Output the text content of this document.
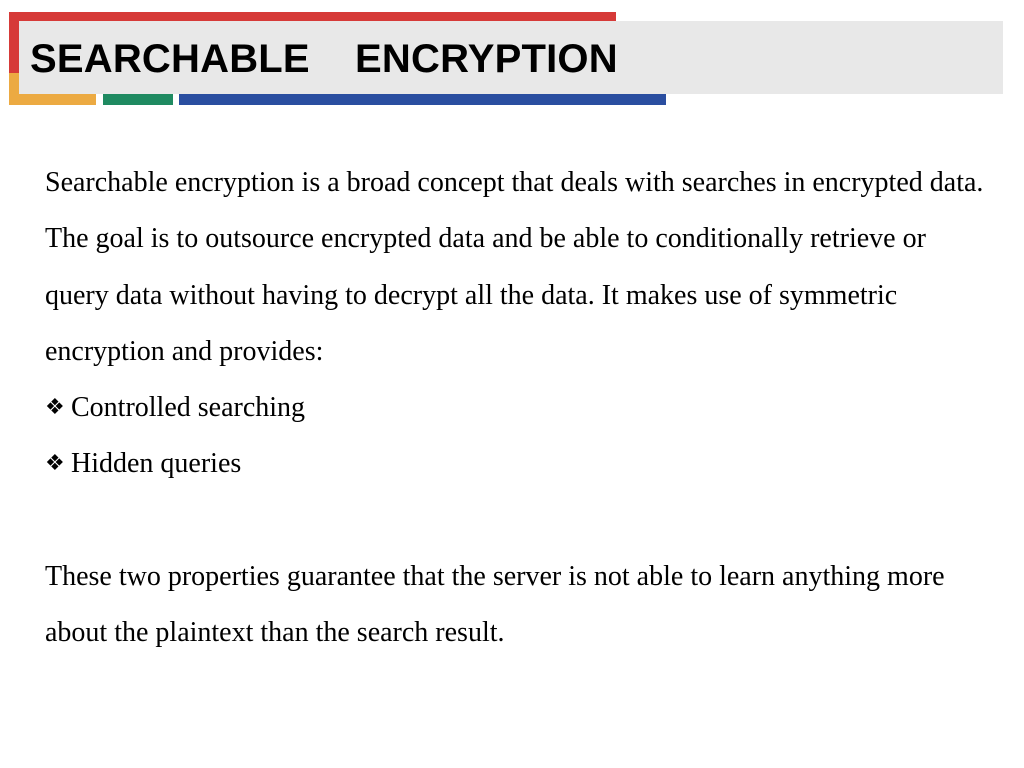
SEARCHABLE    ENCRYPTION

Searchable encryption is a broad concept that deals with searches in encrypted data. The goal is to outsource encrypted data and be able to conditionally retrieve or query data without having to decrypt all the data. It makes use of symmetric encryption and provides:

❖ Controlled searching
❖ Hidden queries

These two properties guarantee that the server is not able to learn anything more about the plaintext than the search result.
